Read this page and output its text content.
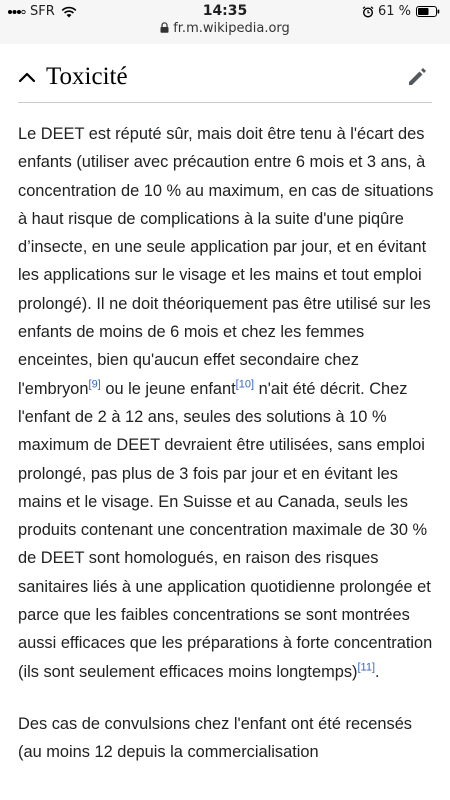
SFR	14:35
fr.m.wikipedia.org
61 %
Toxicité

Le DEET est réputé sûr, mais doit être tenu à l'écart des enfants (utiliser avec précaution entre 6 mois et 3 ans, à concentration de 10 % au maximum, en cas de situations à haut risque de complications à la suite d'une piqûre d’insecte, en une seule application par jour, et en évitant les applications sur le visage et les mains et tout emploi prolongé). Il ne doit théoriquement pas être utilisé sur les enfants de moins de 6 mois et chez les femmes enceintes, bien qu'aucun effet secondaire chez l'embryon[9] ou le jeune enfant[10] n'ait été décrit. Chez l'enfant de 2 à 12 ans, seules des solutions à 10 % maximum de DEET devraient être utilisées, sans emploi prolongé, pas plus de 3 fois par jour et en évitant les mains et le visage. En Suisse et au Canada, seuls les produits contenant une concentration maximale de 30 % de DEET sont homologués, en raison des risques sanitaires liés à une application quotidienne prolongée et parce que les faibles concentrations se sont montrées aussi efficaces que les préparations à forte concentration (ils sont seulement efficaces moins longtemps)[11].

Des cas de convulsions chez l'enfant ont été recensés (au moins 12 depuis la commercialisation
